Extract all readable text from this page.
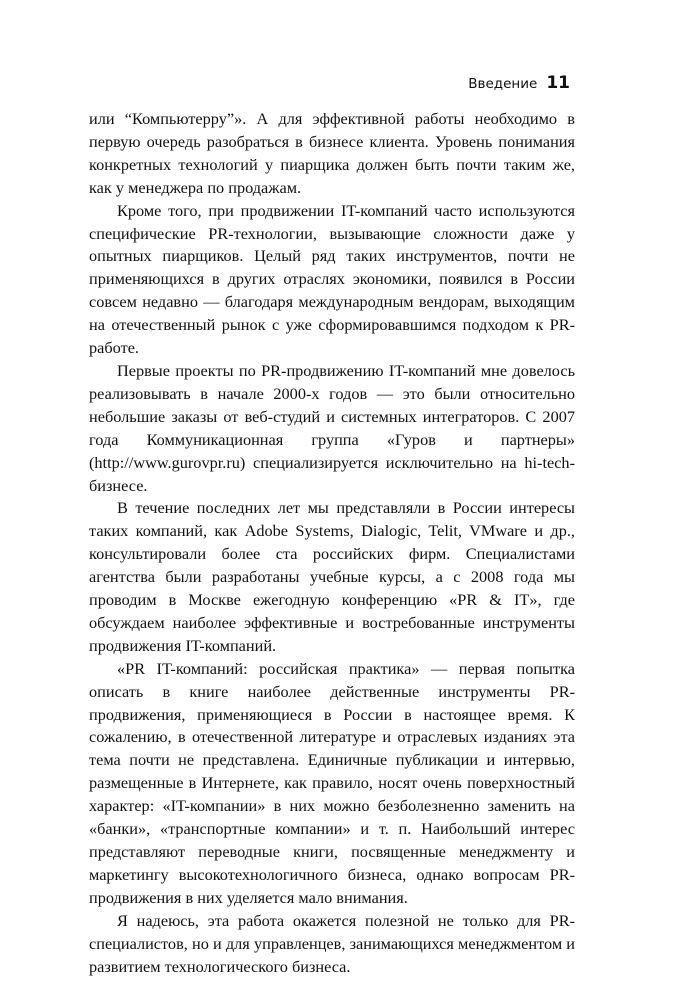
Введение 11

или “Компьютерру”». А для эффективной работы необходимо в первую очередь разобраться в бизнесе клиента. Уровень понимания конкретных технологий у пиарщика должен быть почти таким же, как у менеджера по продажам.

Кроме того, при продвижении IT-компаний часто используются специфические PR-технологии, вызывающие сложности даже у опытных пиарщиков. Целый ряд таких инструментов, почти не применяющихся в других отраслях экономики, появился в России совсем недавно — благодаря международным вендорам, выходящим на отечественный рынок с уже сформировавшимся подходом к PR-работе.

Первые проекты по PR-продвижению IT-компаний мне довелось реализовывать в начале 2000-х годов — это были относительно небольшие заказы от веб-студий и системных интеграторов. С 2007 года Коммуникационная группа «Гуров и партнеры» (http://www.gurovpr.ru) специализируется исключительно на hi-tech-бизнесе.

В течение последних лет мы представляли в России интересы таких компаний, как Adobe Systems, Dialogic, Telit, VMware и др., консультировали более ста российских фирм. Специалистами агентства были разработаны учебные курсы, а с 2008 года мы проводим в Москве ежегодную конференцию «PR & IT», где обсуждаем наиболее эффективные и востребованные инструменты продвижения IT-компаний.

«PR IT-компаний: российская практика» — первая попытка описать в книге наиболее действенные инструменты PR-продвижения, применяющиеся в России в настоящее время. К сожалению, в отечественной литературе и отраслевых изданиях эта тема почти не представлена. Единичные публикации и интервью, размещенные в Интернете, как правило, носят очень поверхностный характер: «IT-компании» в них можно безболезненно заменить на «банки», «транспортные компании» и т. п. Наибольший интерес представляют переводные книги, посвященные менеджменту и маркетингу высокотехнологичного бизнеса, однако вопросам PR-продвижения в них уделяется мало внимания.

Я надеюсь, эта работа окажется полезной не только для PR-специалистов, но и для управленцев, занимающихся менеджментом и развитием технологического бизнеса.
